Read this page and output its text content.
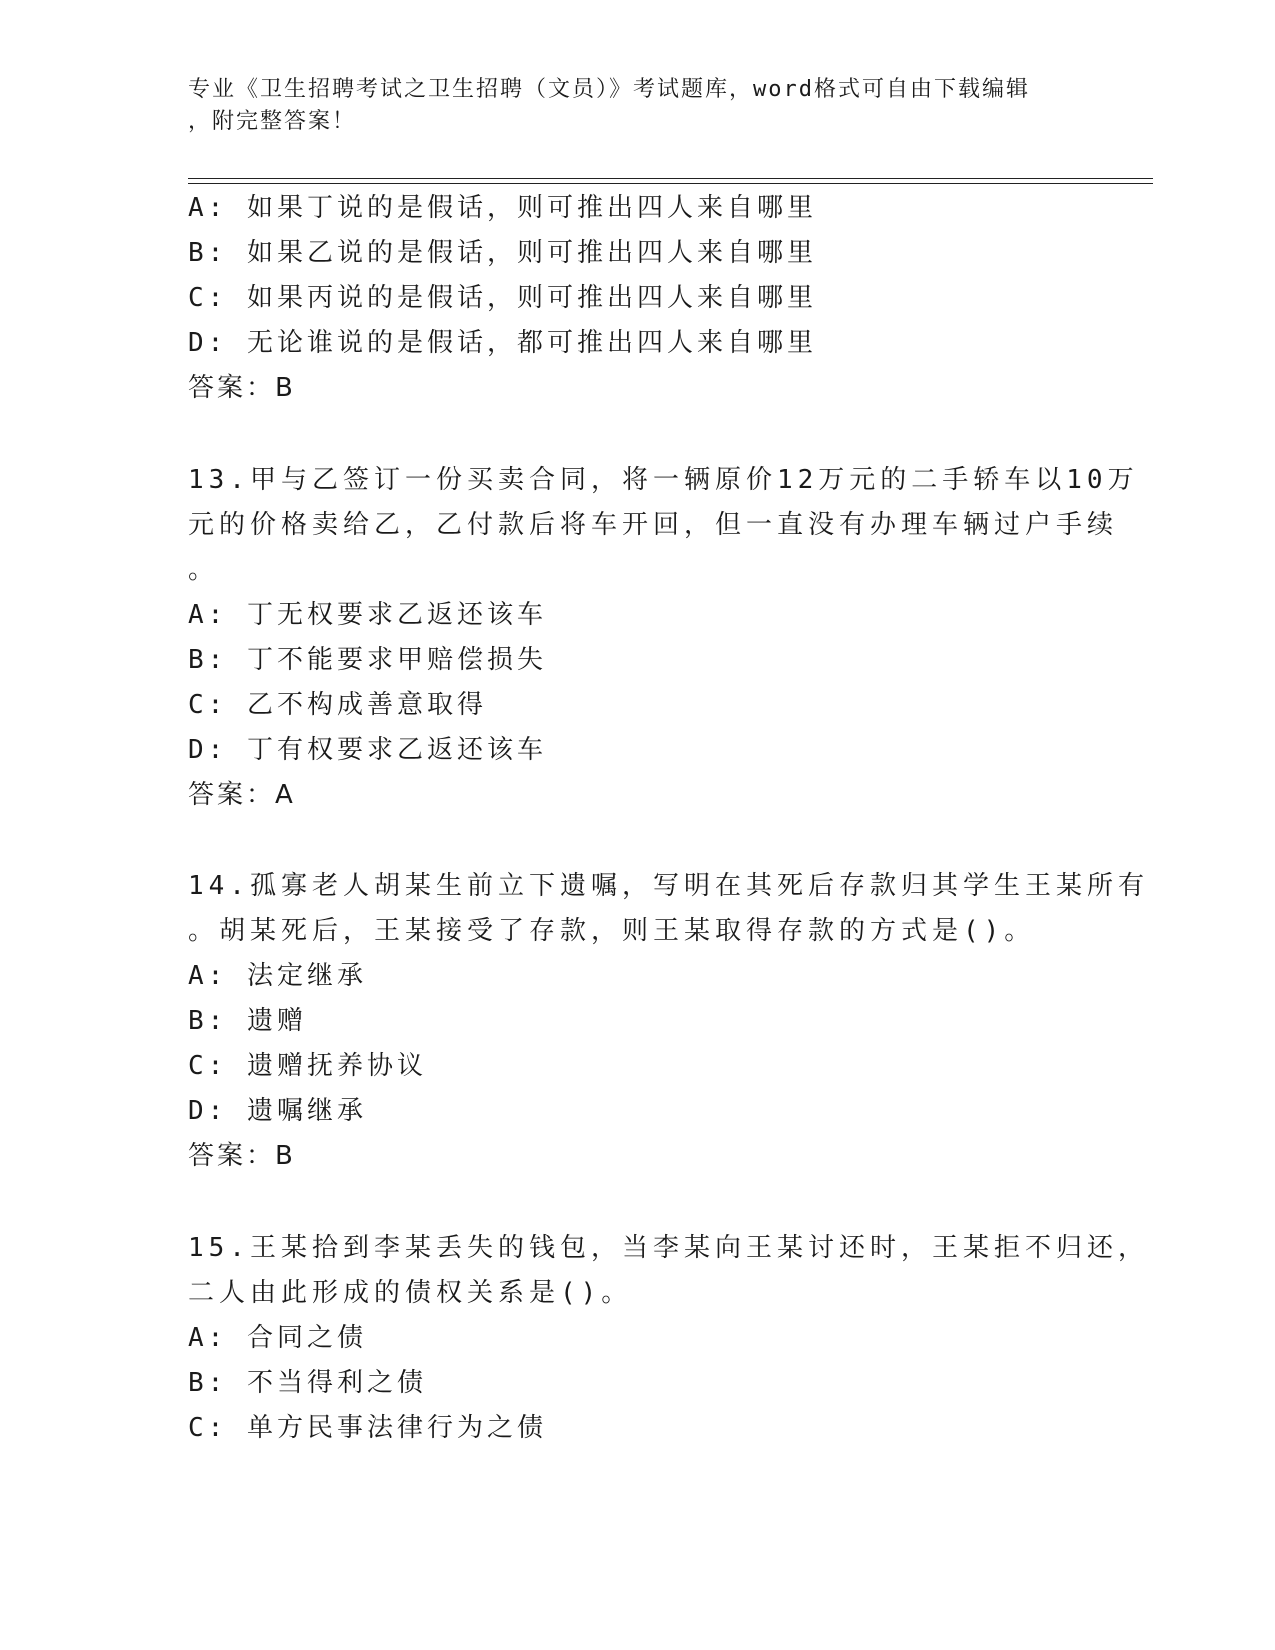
专业《卫生招聘考试之卫生招聘（文员）》考试题库，word格式可自由下载编辑
，附完整答案！
A: 如果丁说的是假话，则可推出四人来自哪里
B: 如果乙说的是假话，则可推出四人来自哪里
C: 如果丙说的是假话，则可推出四人来自哪里
D: 无论谁说的是假话，都可推出四人来自哪里
答案：B
13.甲与乙签订一份买卖合同，将一辆原价12万元的二手轿车以10万
元的价格卖给乙，乙付款后将车开回，但一直没有办理车辆过户手续
。
A: 丁无权要求乙返还该车
B: 丁不能要求甲赔偿损失
C: 乙不构成善意取得
D: 丁有权要求乙返还该车
答案：A
14.孤寡老人胡某生前立下遗嘱，写明在其死后存款归其学生王某所有
。胡某死后，王某接受了存款，则王某取得存款的方式是()。
A: 法定继承
B: 遗赠
C: 遗赠抚养协议
D: 遗嘱继承
答案：B
15.王某拾到李某丢失的钱包，当李某向王某讨还时，王某拒不归还，
二人由此形成的债权关系是()。
A: 合同之债
B: 不当得利之债
C: 单方民事法律行为之债
